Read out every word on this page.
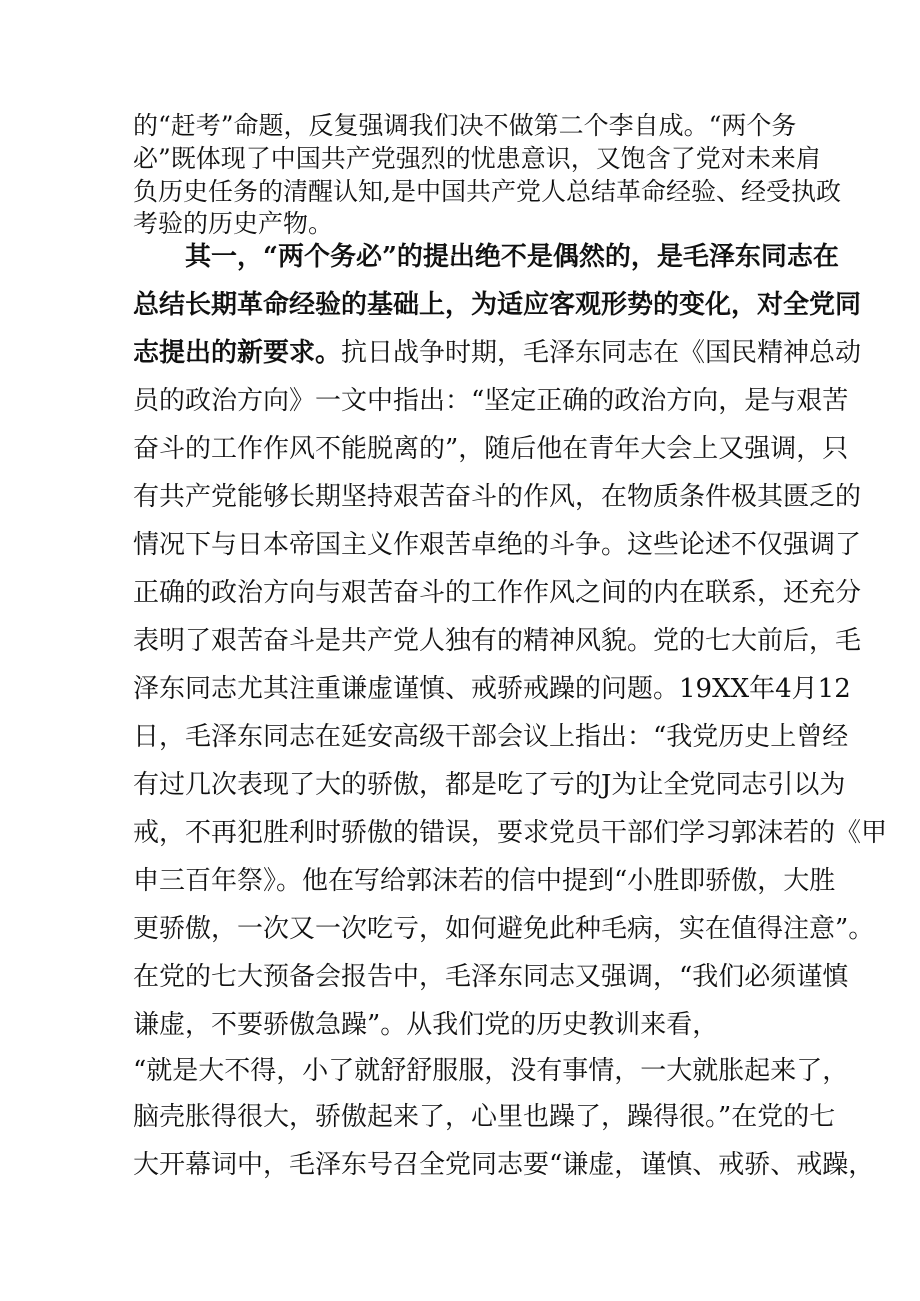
的“赶考”命题，反复强调我们决不做第二个李自成。“两个务
必”既体现了中国共产党强烈的忧患意识，又饱含了党对未来肩
负历史任务的清醒认知,是中国共产党人总结革命经验、经受执政
考验的历史产物。
其一，“两个务必”的提出绝不是偶然的，是毛泽东同志在
总结长期革命经验的基础上，为适应客观形势的变化，对全党同
志提出的新要求。抗日战争时期，毛泽东同志在《国民精神总动
员的政治方向》一文中指出：“坚定正确的政治方向，是与艰苦
奋斗的工作作风不能脱离的”，随后他在青年大会上又强调，只
有共产党能够长期坚持艰苦奋斗的作风，在物质条件极其匮乏的
情况下与日本帝国主义作艰苦卓绝的斗争。这些论述不仅强调了
正确的政治方向与艰苦奋斗的工作作风之间的内在联系，还充分
表明了艰苦奋斗是共产党人独有的精神风貌。党的七大前后，毛
泽东同志尤其注重谦虚谨慎、戒骄戒躁的问题。19XX年4月12
日，毛泽东同志在延安高级干部会议上指出：“我党历史上曾经
有过几次表现了大的骄傲，都是吃了亏的J为让全党同志引以为
戒，不再犯胜利时骄傲的错误，要求党员干部们学习郭沫若的《甲
申三百年祭》。他在写给郭沫若的信中提到“小胜即骄傲，大胜
更骄傲，一次又一次吃亏，如何避免此种毛病，实在值得注意”。
在党的七大预备会报告中，毛泽东同志又强调，“我们必须谨慎
谦虚，不要骄傲急躁”。从我们党的历史教训来看，
“就是大不得，小了就舒舒服服，没有事情，一大就胀起来了，
脑壳胀得很大，骄傲起来了，心里也躁了，躁得很。”在党的七
大开幕词中，毛泽东号召全党同志要“谦虚，谨慎、戒骄、戒躁，
